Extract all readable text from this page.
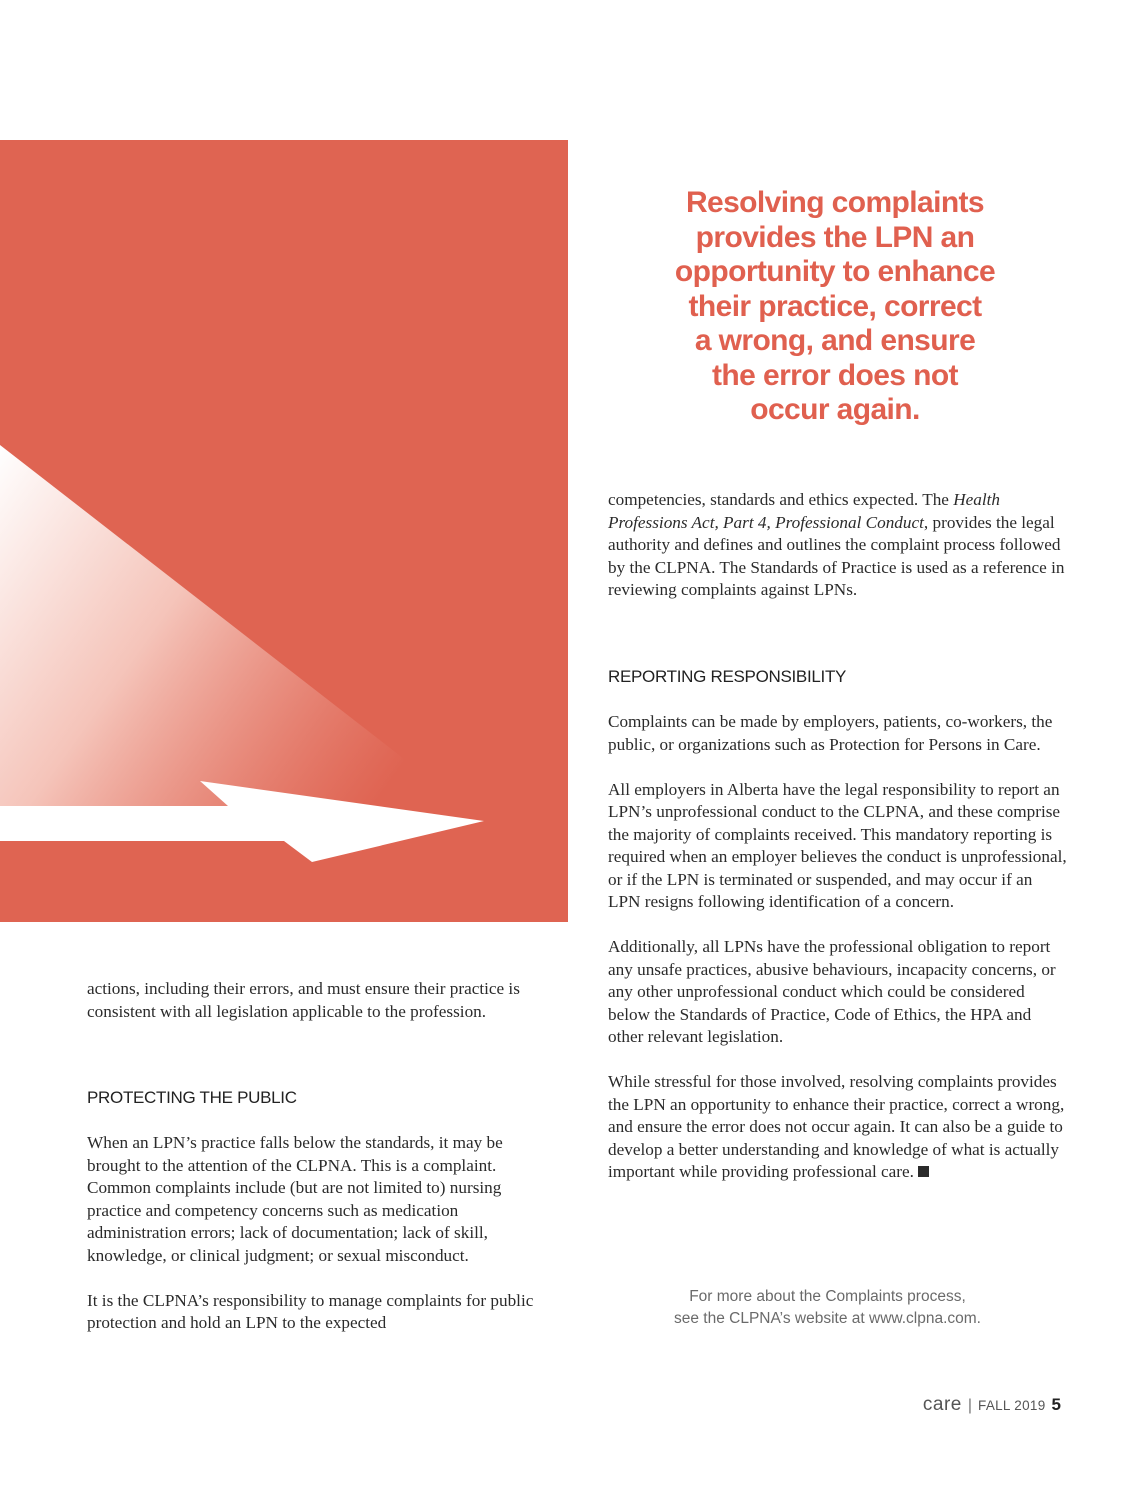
Resolving complaints
provides the LPN an
opportunity to enhance
their practice, correct
a wrong, and ensure
the error does not
occur again.

competencies, standards and ethics expected. The Health Professions Act, Part 4, Professional Conduct, provides the legal authority and defines and outlines the complaint process followed by the CLPNA. The Standards of Practice is used as a reference in reviewing complaints against LPNs.

REPORTING RESPONSIBILITY

Complaints can be made by employers, patients, co-workers, the public, or organizations such as Protection for Persons in Care.

All employers in Alberta have the legal responsibility to report an LPN’s unprofessional conduct to the CLPNA, and these comprise the majority of complaints received. This mandatory reporting is required when an employer believes the conduct is unprofessional, or if the LPN is terminated or suspended, and may occur if an LPN resigns following identification of a concern.

Additionally, all LPNs have the professional obligation to report any unsafe practices, abusive behaviours, incapacity concerns, or any other unprofessional conduct which could be considered below the Standards of Practice, Code of Ethics, the HPA and other relevant legislation.

While stressful for those involved, resolving complaints provides the LPN an opportunity to enhance their practice, correct a wrong, and ensure the error does not occur again. It can also be a guide to develop a better understanding and knowledge of what is actually important while providing professional care.

actions, including their errors, and must ensure their practice is consistent with all legislation applicable to the profession.

PROTECTING THE PUBLIC

When an LPN’s practice falls below the standards, it may be brought to the attention of the CLPNA. This is a complaint. Common complaints include (but are not limited to) nursing practice and competency concerns such as medication administration errors; lack of documentation; lack of skill, knowledge, or clinical judgment; or sexual misconduct.

It is the CLPNA’s responsibility to manage complaints for public protection and hold an LPN to the expected

For more about the Complaints process,
see the CLPNA’s website at www.clpna.com.
care | FALL 2019 5
